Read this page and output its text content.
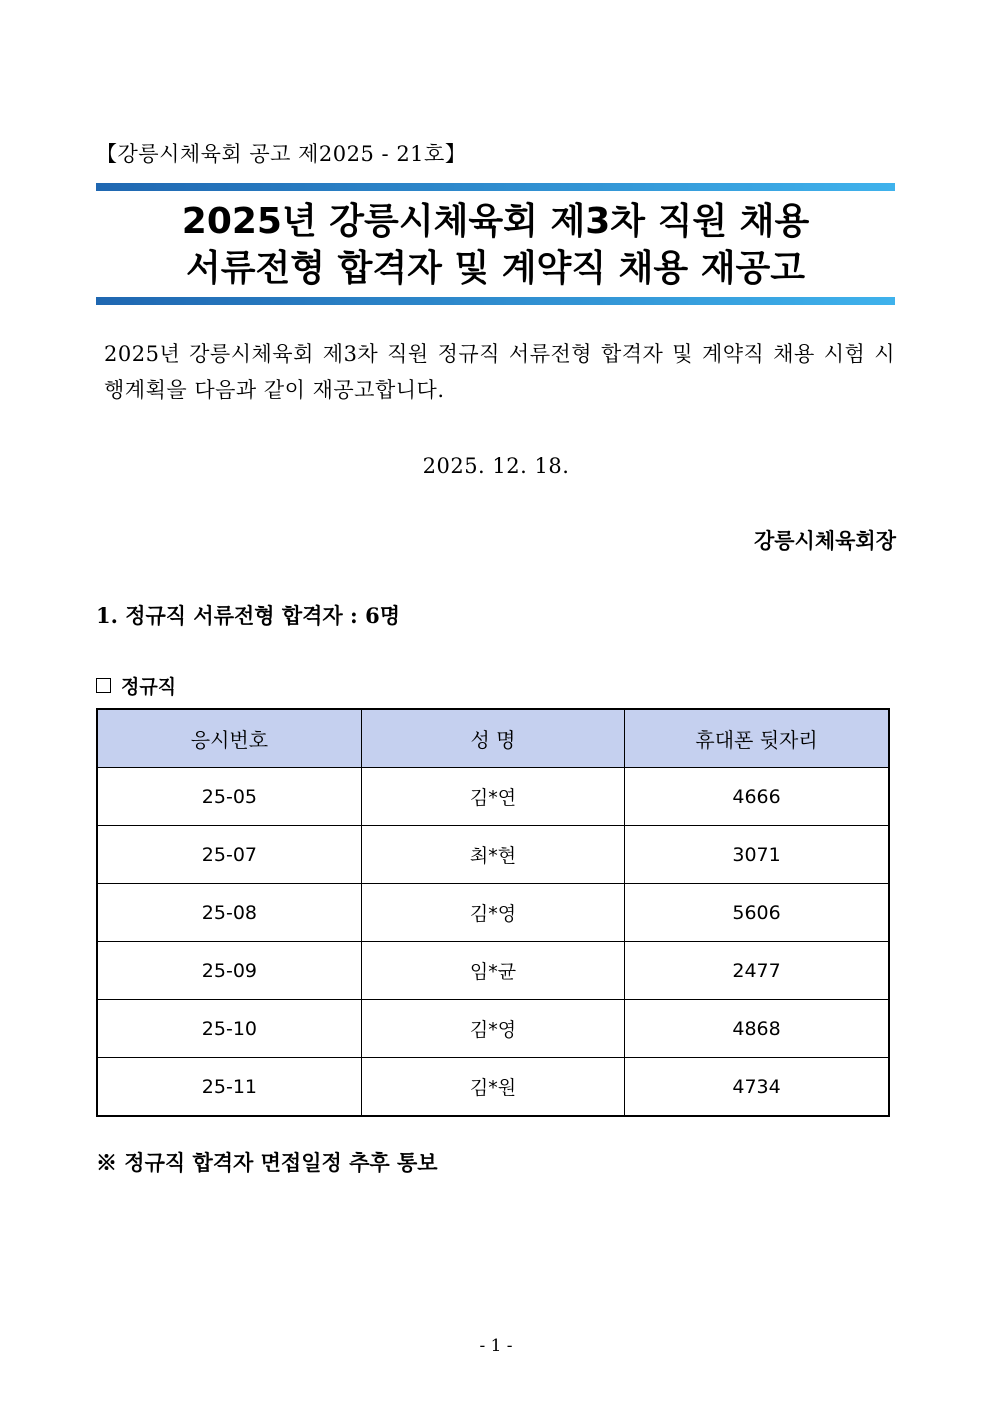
【강릉시체육회 공고 제2025 - 21호】
2025년 강릉시체육회 제3차 직원 채용
서류전형 합격자 및 계약직 채용 재공고
2025년 강릉시체육회 제3차 직원 정규직 서류전형 합격자 및 계약직 채용 시험 시행계획을 다음과 같이 재공고합니다.
2025. 12. 18.
강릉시체육회장
1. 정규직 서류전형 합격자 : 6명
정규직
응시번호	성 명	휴대폰 뒷자리
25-05	김*연	4666
25-07	최*현	3071
25-08	김*영	5606
25-09	임*균	2477
25-10	김*영	4868
25-11	김*원	4734
※ 정규직 합격자 면접일정 추후 통보
- 1 -
